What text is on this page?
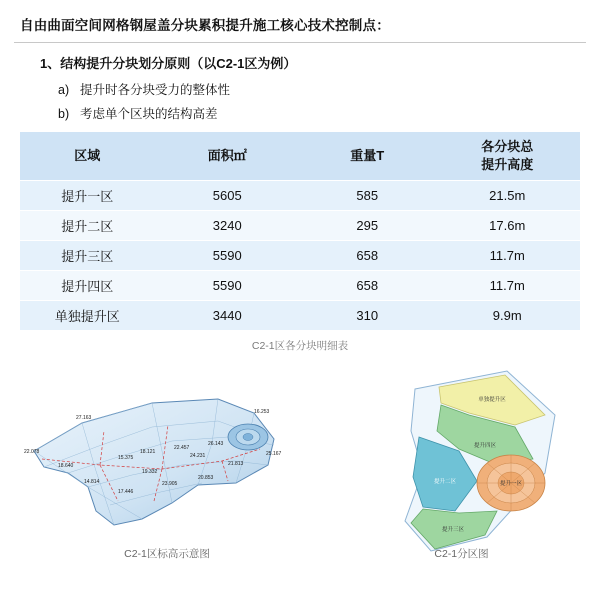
自由曲面空间网格钢屋盖分块累积提升施工核心技术控制点：
1、结构提升分块划分原则（以C2-1区为例）
a) 提升时各分块受力的整体性
b) 考虑单个区块的结构高差
区域	面积㎡	重量T	各分块总
提升高度

提升一区	5605	585	21.5m
提升二区	3240	295	17.6m
提升三区	5590	658	11.7m
提升四区	5590	658	11.7m
单独提升区	3440	310	9.9m
C2-1区各分块明细表
22.078
27.163
14.814
15.375
18.121
22.457
19.332
24.231
26.143
16.253
21.813
20.853
25.167
17.446
23.905
18.640
C2-1区标高示意图
单独提升区
提升四区
提升二区	提升一区
提升三区
C2-1分区图
